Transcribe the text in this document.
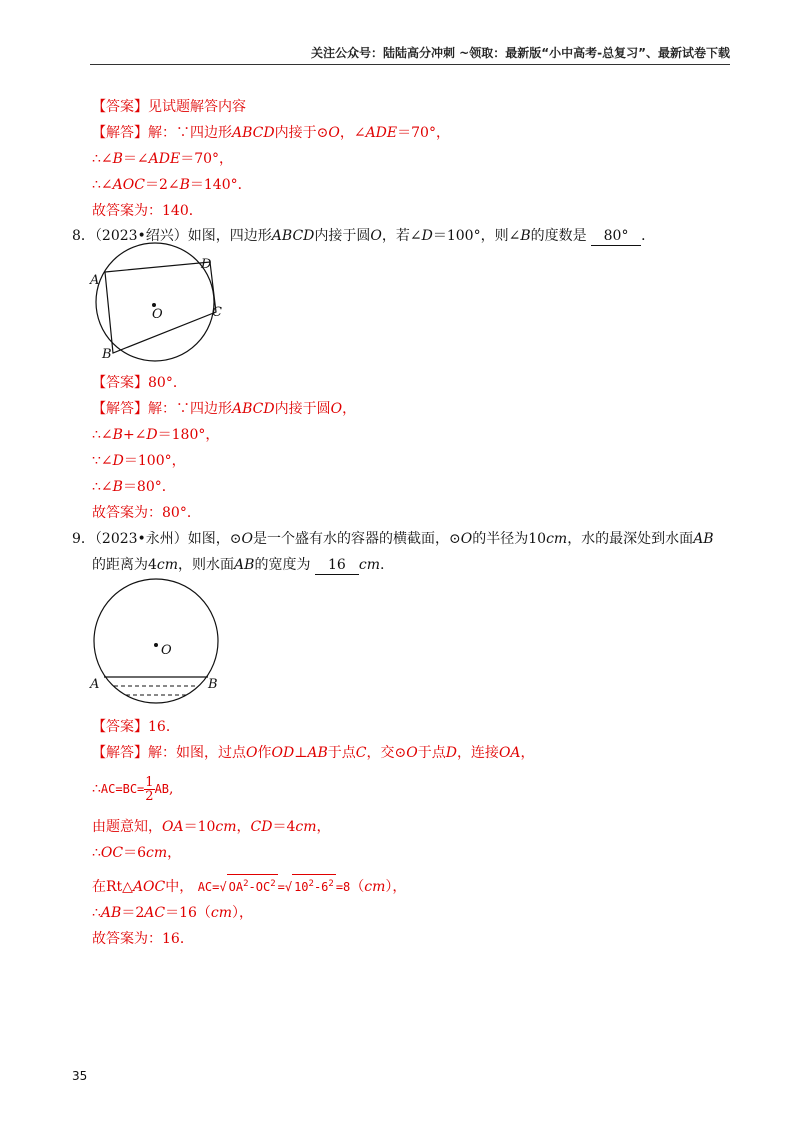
关注公众号：陆陆高分冲刺 ~领取：最新版“小中高考-总复习”、最新试卷下载
【答案】见试题解答内容
【解答】解：∵四边形ABCD内接于⊙O，∠ADE＝70°，
∴∠B＝∠ADE＝70°，
∴∠AOC＝2∠B＝140°．
故答案为：140．
8．（2023•绍兴）如图，四边形ABCD内接于圆O，若∠D＝100°，则∠B的度数是 80° ．
A
D
C
B
O
【答案】80°．
【解答】解：∵四边形ABCD内接于圆O，
∴∠B+∠D＝180°，
∵∠D＝100°，
∴∠B＝80°．
故答案为：80°．
9．（2023•永州）如图，⊙O是一个盛有水的容器的横截面，⊙O的半径为10cm，水的最深处到水面AB
的距离为4cm，则水面AB的宽度为 16 cm.
O
A	B
【答案】16．
【解答】解：如图，过点O作OD⊥AB于点C，交⊙O于点D，连接OA，
∴AC=BC= $\frac{1}{2}$ AB,
由题意知，OA＝10cm，CD＝4cm，
∴OC＝6cm，
在Rt△AOC中， AC=√ $OA^2-OC^2$ =√ $10^2-6^2 =8(cm)$，
∴AB＝2AC＝16（cm），
故答案为：16．
35
